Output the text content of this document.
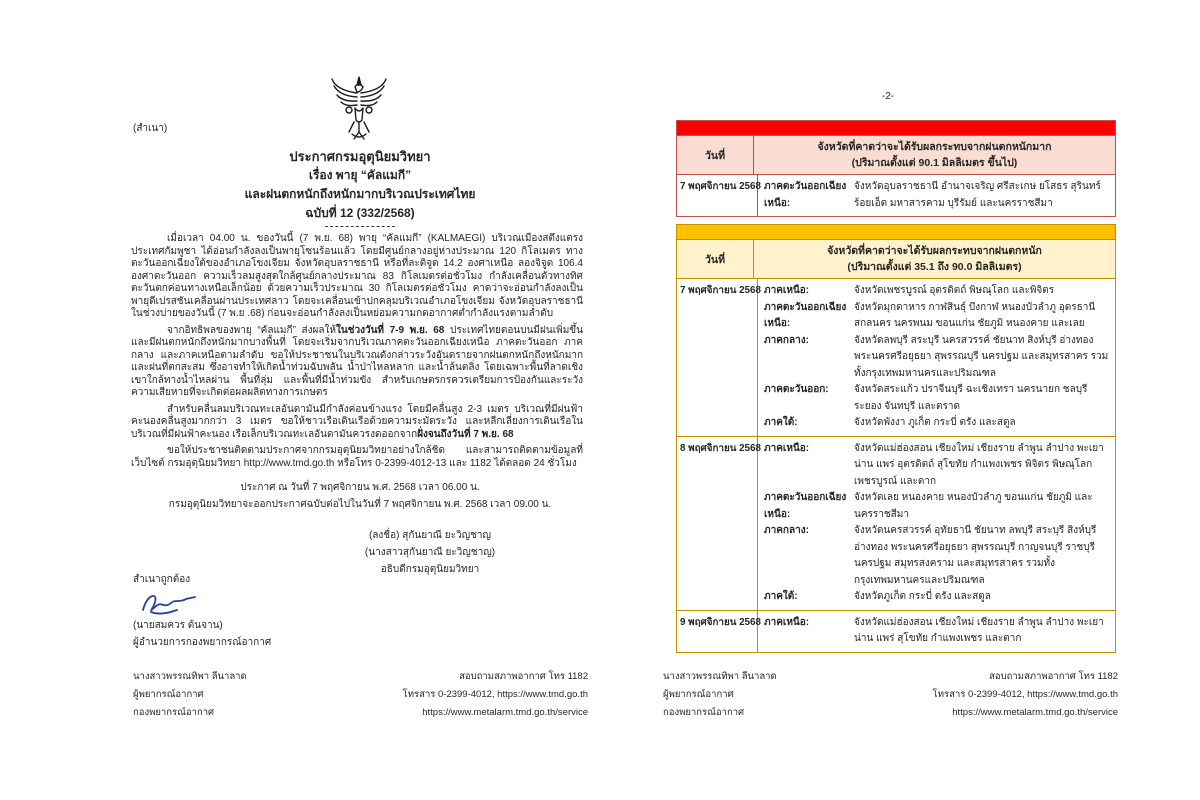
(สำเนา)
ประกาศกรมอุตุนิยมวิทยา
เรื่อง พายุ “คัลแมกี”
และฝนตกหนักถึงหนักมากบริเวณประเทศไทย
ฉบับที่ 12 (332/2568)

เมื่อเวลา 04.00 น. ของวันนี้ (7 พ.ย. 68) พายุ “คัลแมกี” (KALMAEGI) บริเวณเมืองสตึงแตรง ประเทศกัมพูชา ได้อ่อนกำลังลงเป็นพายุโซนร้อนแล้ว โดยมีศูนย์กลางอยู่ห่างประมาณ 120 กิโลเมตร ทางตะวันออกเฉียงใต้ของอำเภอโขงเจียม จังหวัดอุบลราชธานี หรือที่ละติจูด 14.2 องศาเหนือ ลองจิจูด 106.4 องศาตะวันออก ความเร็วลมสูงสุดใกล้ศูนย์กลางประมาณ 83 กิโลเมตรต่อชั่วโมง กำลังเคลื่อนตัวทางทิศตะวันตกค่อนทางเหนือเล็กน้อย ด้วยความเร็วประมาณ 30 กิโลเมตรต่อชั่วโมง คาดว่าจะอ่อนกำลังลงเป็นพายุดีเปรสชันเคลื่อนผ่านประเทศลาว โดยจะเคลื่อนเข้าปกคลุมบริเวณอำเภอโขงเจียม จังหวัดอุบลราชธานี ในช่วงบ่ายของวันนี้ (7 พ.ย .68) ก่อนจะอ่อนกำลังลงเป็นหย่อมความกดอากาศต่ำกำลังแรงตามลำดับ

จากอิทธิพลของพายุ “คัลแมกี” ส่งผลให้ในช่วงวันที่ 7-9 พ.ย. 68 ประเทศไทยตอนบนมีฝนเพิ่มขึ้น และมีฝนตกหนักถึงหนักมากบางพื้นที่ โดยจะเริ่มจากบริเวณภาคตะวันออกเฉียงเหนือ ภาคตะวันออก ภาคกลาง และภาคเหนือตามลำดับ ขอให้ประชาชนในบริเวณดังกล่าวระวังอันตรายจากฝนตกหนักถึงหนักมาก และฝนที่ตกสะสม ซึ่งอาจทำให้เกิดน้ำท่วมฉับพลัน น้ำป่าไหลหลาก และน้ำล้นตลิ่ง โดยเฉพาะพื้นที่ลาดเชิงเขาใกล้ทางน้ำไหลผ่าน พื้นที่ลุ่ม และพื้นที่มีน้ำท่วมขัง สำหรับเกษตรกรควรเตรียมการป้องกันและระวังความเสียหายที่จะเกิดต่อผลผลิตทางการเกษตร

สำหรับคลื่นลมบริเวณทะเลอันดามันมีกำลังค่อนข้างแรง โดยมีคลื่นสูง 2-3 เมตร บริเวณที่มีฝนฟ้าคะนองคลื่นสูงมากกว่า 3 เมตร ขอให้ชาวเรือเดินเรือด้วยความระมัดระวัง และหลีกเลี่ยงการเดินเรือในบริเวณที่มีฝนฟ้าคะนอง เรือเล็กบริเวณทะเลอันดามันควรงดออกจากฝั่งจนถึงวันที่ 7 พ.ย. 68

ขอให้ประชาชนติดตามประกาศจากกรมอุตุนิยมวิทยาอย่างใกล้ชิด และสามารถติดตามข้อมูลที่เว็บไซต์ กรมอุตุนิยมวิทยา http://www.tmd.go.th หรือโทร 0-2399-4012-13 และ 1182 ได้ตลอด 24 ชั่วโมง

ประกาศ ณ วันที่ 7 พฤศจิกายน พ.ศ. 2568 เวลา 06.00 น.
กรมอุตุนิยมวิทยาจะออกประกาศฉบับต่อไปในวันที่ 7 พฤศจิกายน พ.ศ. 2568 เวลา 09.00 น.
(ลงชื่อ) สุกันยาณี ยะวิญชาญ
(นางสาวสุกันยาณี ยะวิญชาญ)
อธิบดีกรมอุตุนิยมวิทยา
สำเนาถูกต้อง
(นายสมควร ต้นจาน)
ผู้อำนวยการกองพยากรณ์อากาศ
นางสาวพรรณทิพา ลีนาลาด
ผู้พยากรณ์อากาศ
กองพยากรณ์อากาศ
สอบถามสภาพอากาศ โทร 1182
โทรสาร 0-2399-4012, https://www.tmd.go.th
https://www.metalarm.tmd.go.th/service
-2-
วันที่
จังหวัดที่คาดว่าจะได้รับผลกระทบจากฝนตกหนักมาก
(ปริมาณตั้งแต่ 90.1 มิลลิเมตร ขึ้นไป)
7 พฤศจิกายน 2568 ภาคตะวันออกเฉียงเหนือ:
จังหวัดอุบลราชธานี อำนาจเจริญ ศรีสะเกษ ยโสธร สุรินทร์ ร้อยเอ็ด มหาสารคาม บุรีรัมย์ และนครราชสีมา
วันที่
จังหวัดที่คาดว่าจะได้รับผลกระทบจากฝนตกหนัก
(ปริมาณตั้งแต่ 35.1 ถึง 90.0 มิลลิเมตร)
7 พฤศจิกายน 2568 ภาคเหนือ:	จังหวัดเพชรบูรณ์ อุตรดิตถ์ พิษณุโลก และพิจิตร
ภาคตะวันออกเฉียงเหนือ:
จังหวัดมุกดาหาร กาฬสินธุ์ บึงกาฬ หนองบัวลำภู อุดรธานี สกลนคร นครพนม ขอนแก่น ชัยภูมิ หนองคาย และเลย
ภาคกลาง:	จังหวัดลพบุรี สระบุรี นครสวรรค์ ชัยนาท สิงห์บุรี อ่างทอง พระนครศรีอยุธยา สุพรรณบุรี นครปฐม และสมุทรสาคร รวมทั้งกรุงเทพมหานครและปริมณฑล
ภาคตะวันออก:	จังหวัดสระแก้ว ปราจีนบุรี ฉะเชิงเทรา นครนายก ชลบุรี ระยอง จันทบุรี และตราด
ภาคใต้:	จังหวัดพังงา ภูเก็ต กระบี่ ตรัง และสตูล
8 พฤศจิกายน 2568 ภาคเหนือ:	จังหวัดแม่ฮ่องสอน เชียงใหม่ เชียงราย ลำพูน ลำปาง พะเยา น่าน แพร่ อุตรดิตถ์ สุโขทัย กำแพงเพชร พิจิตร พิษณุโลก เพชรบูรณ์ และตาก
ภาคตะวันออกเฉียงเหนือ:
จังหวัดเลย หนองคาย หนองบัวลำภู ขอนแก่น ชัยภูมิ และนครราชสีมา
ภาคกลาง:	จังหวัดนครสวรรค์ อุทัยธานี ชัยนาท ลพบุรี สระบุรี สิงห์บุรี อ่างทอง พระนครศรีอยุธยา สุพรรณบุรี กาญจนบุรี ราชบุรี นครปฐม สมุทรสงคราม และสมุทรสาคร รวมทั้งกรุงเทพมหานครและปริมณฑล
ภาคใต้:	จังหวัดภูเก็ต กระบี่ ตรัง และสตูล
9 พฤศจิกายน 2568 ภาคเหนือ:	จังหวัดแม่ฮ่องสอน เชียงใหม่ เชียงราย ลำพูน ลำปาง พะเยา น่าน แพร่ สุโขทัย กำแพงเพชร และตาก
นางสาวพรรณทิพา ลีนาลาด
ผู้พยากรณ์อากาศ
กองพยากรณ์อากาศ
สอบถามสภาพอากาศ โทร 1182
โทรสาร 0-2399-4012, https://www.tmd.go.th
https://www.metalarm.tmd.go.th/service
